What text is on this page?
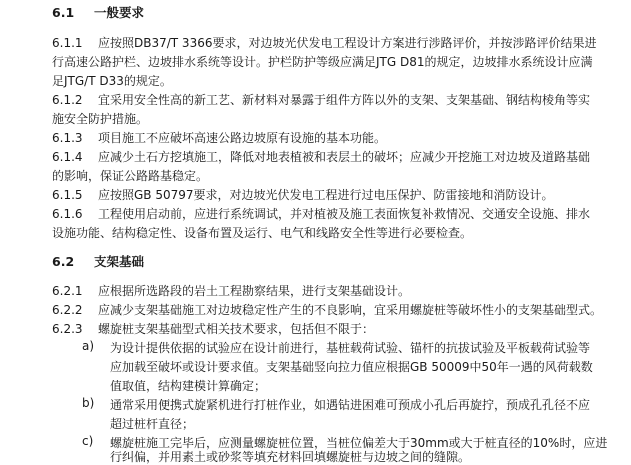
6.1 一般要求
6.1.1 应按照DB37/T 3366要求，对边坡光伏发电工程设计方案进行涉路评价，并按涉路评价结果进
行高速公路护栏、边坡排水系统等设计。护栏防护等级应满足JTG D81的规定，边坡排水系统设计应满
足JTG/T D33的规定。
6.1.2 宜采用安全性高的新工艺、新材料对暴露于组件方阵以外的支架、支架基础、钢结构棱角等实
施安全防护措施。
6.1.3 项目施工不应破坏高速公路边坡原有设施的基本功能。
6.1.4 应减少土石方挖填施工，降低对地表植被和表层土的破坏；应减少开挖施工对边坡及道路基础
的影响，保证公路路基稳定。
6.1.5 应按照GB 50797要求，对边坡光伏发电工程进行过电压保护、防雷接地和消防设计。
6.1.6 工程使用启动前，应进行系统调试，并对植被及施工表面恢复补救情况、交通安全设施、排水
设施功能、结构稳定性、设备布置及运行、电气和线路安全性等进行必要检查。
6.2 支架基础
6.2.1 应根据所选路段的岩土工程勘察结果，进行支架基础设计。
6.2.2 应减少支架基础施工对边坡稳定性产生的不良影响，宜采用螺旋桩等破坏性小的支架基础型式。
6.2.3 螺旋桩支架基础型式相关技术要求，包括但不限于：
a) 为设计提供依据的试验应在设计前进行，基桩载荷试验、锚杆的抗拔试验及平板载荷试验等
应加载至破坏或设计要求值。支架基础竖向拉力值应根据GB 50009中50年一遇的风荷载数
值取值，结构建模计算确定；
b) 通常采用便携式旋紧机进行打桩作业，如遇钻进困难可预成小孔后再旋拧，预成孔孔径不应
超过桩杆直径；
c) 螺旋桩施工完毕后，应测量螺旋桩位置，当桩位偏差大于30mm或大于桩直径的10%时，应进
行纠偏，并用素土或砂浆等填充材料回填螺旋桩与边坡之间的缝隙。
